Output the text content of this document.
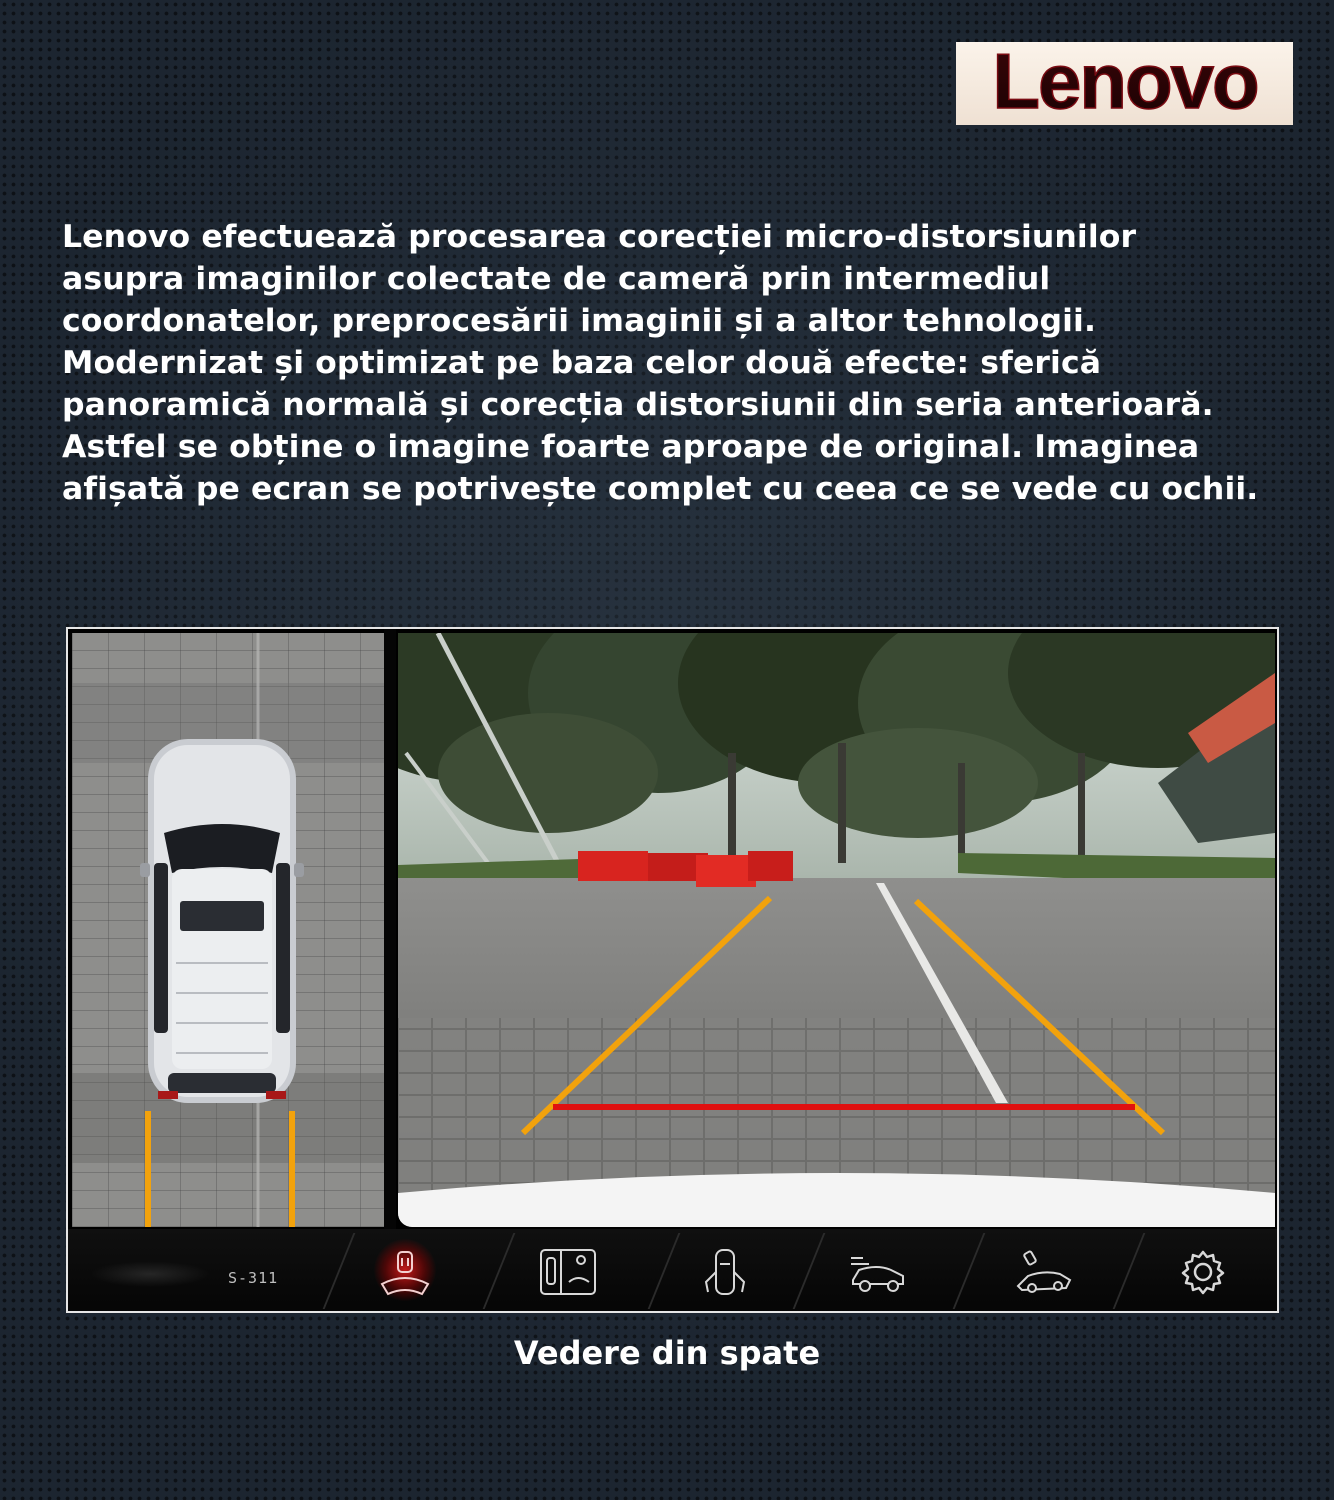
Lenovo
Lenovo efectuează procesarea corecției micro-distorsiunilor
asupra imaginilor colectate de cameră prin intermediul
coordonatelor, preprocesării imaginii și a altor tehnologii.
Modernizat și optimizat pe baza celor două efecte: sferică
panoramică normală și corecția distorsiunii din seria anterioară.
Astfel se obține o imagine foarte aproape de original. Imaginea
afișată pe ecran se potrivește complet cu ceea ce se vede cu ochii.
S-311
Vedere din spate
